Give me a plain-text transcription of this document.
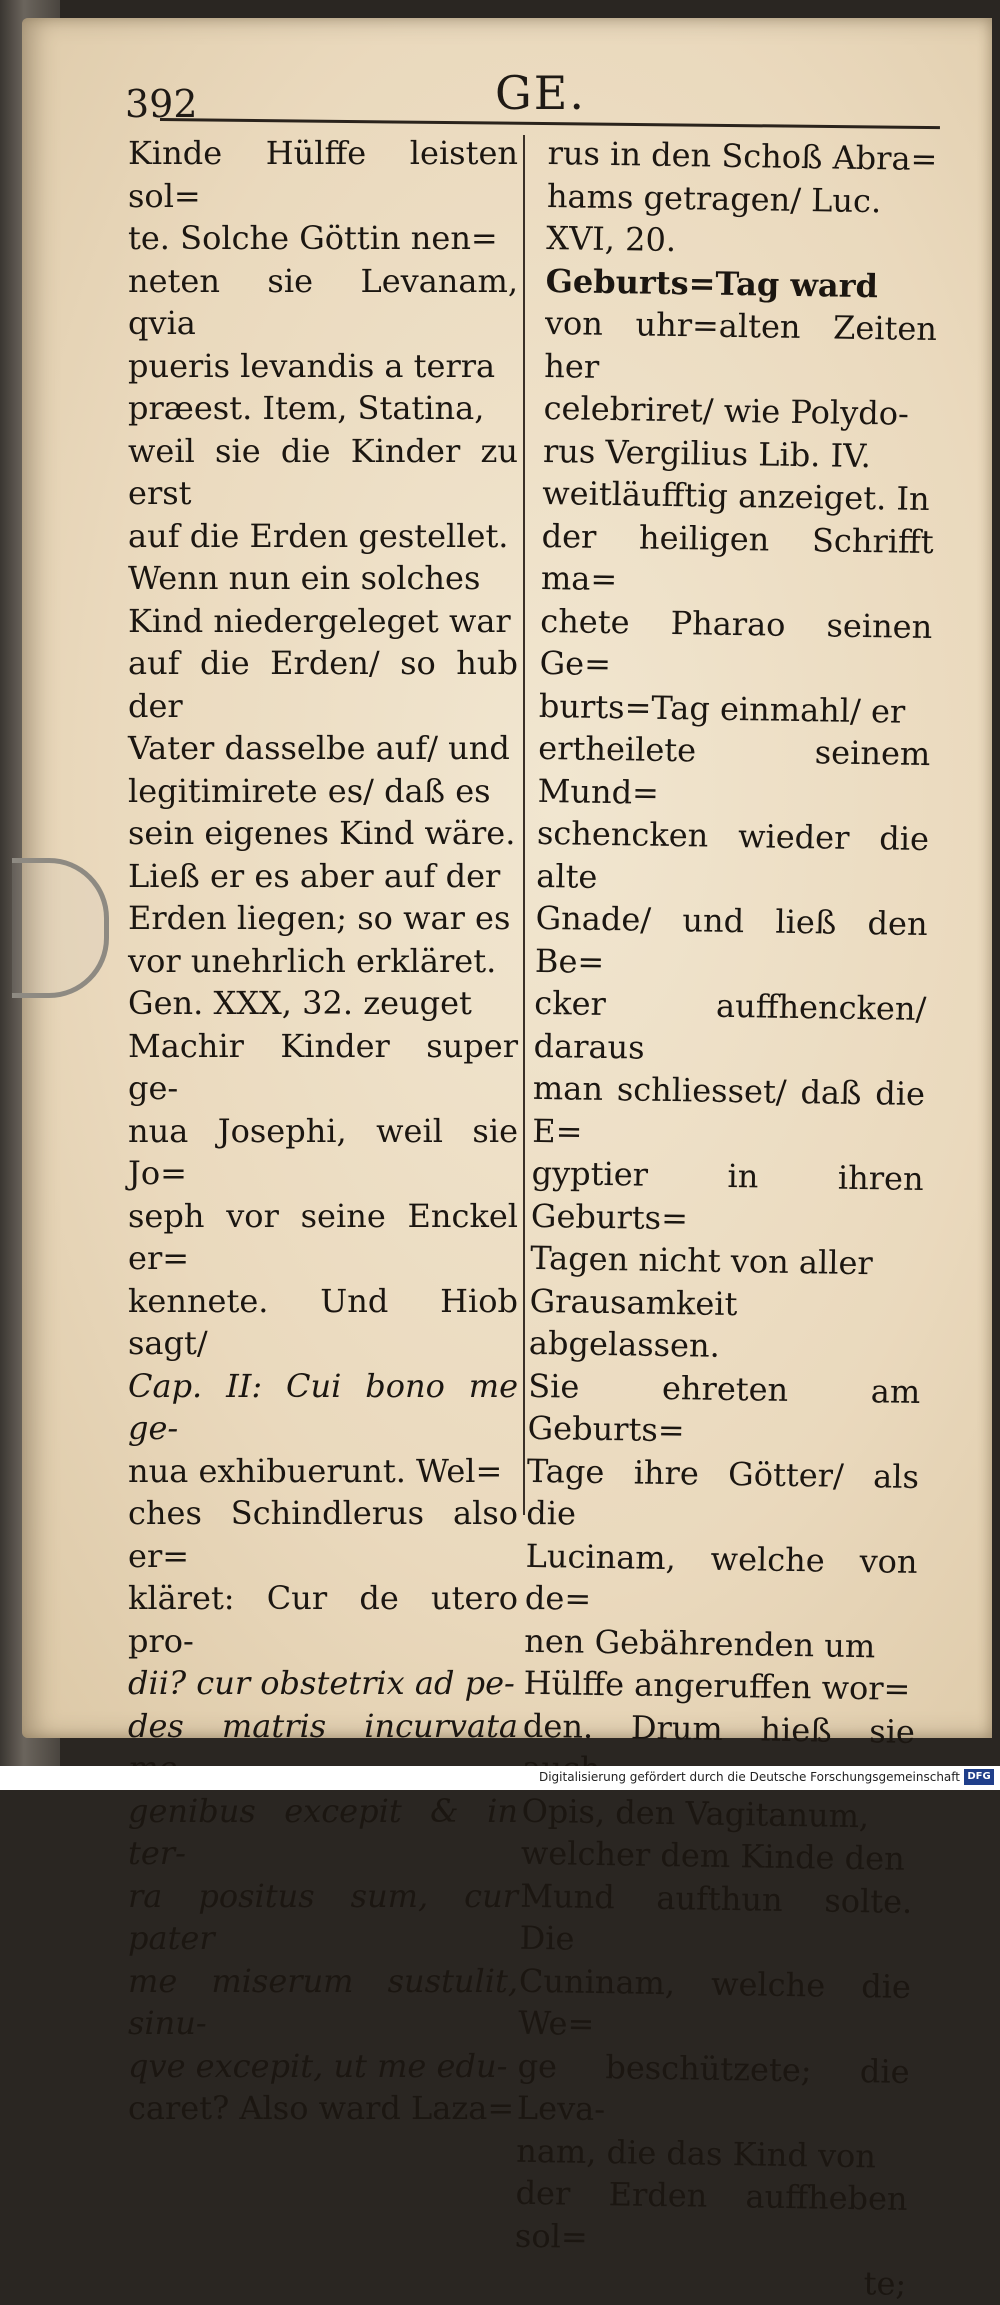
392	GE.

Kinde Hülffe leisten sol=

te. Solche Göttin nen=

neten sie Levanam, qvia

pueris levandis a terra

præest. Item, Statina,

weil sie die Kinder zu erst

auf die Erden gestellet.

Wenn nun ein solches

Kind niedergeleget war

auf die Erden/ so hub der

Vater dasselbe auf/ und

legitimirete es/ daß es

sein eigenes Kind wäre.

Ließ er es aber auf der

Erden liegen; so war es

vor unehrlich erkläret.

Gen. XXX, 32. zeuget

Machir Kinder super ge-

nua Josephi, weil sie Jo=

seph vor seine Enckel er=

kennete. Und Hiob sagt/

Cap. II: Cui bono me ge-

nua exhibuerunt. Wel=

ches Schindlerus also er=

kläret: Cur de utero pro-

dii? cur obstetrix ad pe-

des matris incurvata

genibus excepit & in ter-

ra positus sum, cur pater

me miserum sustulit, sinu-

qve excepit, ut me edu-

caret? Also ward Laza=

rus in den Schoß Abra=

hams getragen/ Luc.

XVI, 20.

Geburts=Tag ward

von uhr=alten Zeiten her

celebriret/ wie Polydo-

rus Vergilius Lib. IV.

weitläufftig anzeiget. In

der heiligen Schrifft ma=

chete Pharao seinen Ge=

burts=Tag einmahl/ er

ertheilete seinem Mund=

schencken wieder die alte

Gnade/ und ließ den Be=

cker auffhencken/ daraus

man schliesset/ daß die E=

gyptier in ihren Geburts=

Tagen nicht von aller

Grausamkeit abgelassen.

Sie ehreten am Geburts=

Tage ihre Götter/ als die

Lucinam, welche von de=

nen Gebährenden um

Hülffe angeruffen wor=

den. Drum hieß sie

Opis, den Vagitanum,

welcher dem Kinde den

Mund aufthun solte. Die

Cuninam, welche die We=

ge beschützete; die Leva-

nam, die das Kind von

der Erden auffheben sol=

te;

Digitalisierung gefördert durch die Deutsche Forschungsgemeinschaft DFG
